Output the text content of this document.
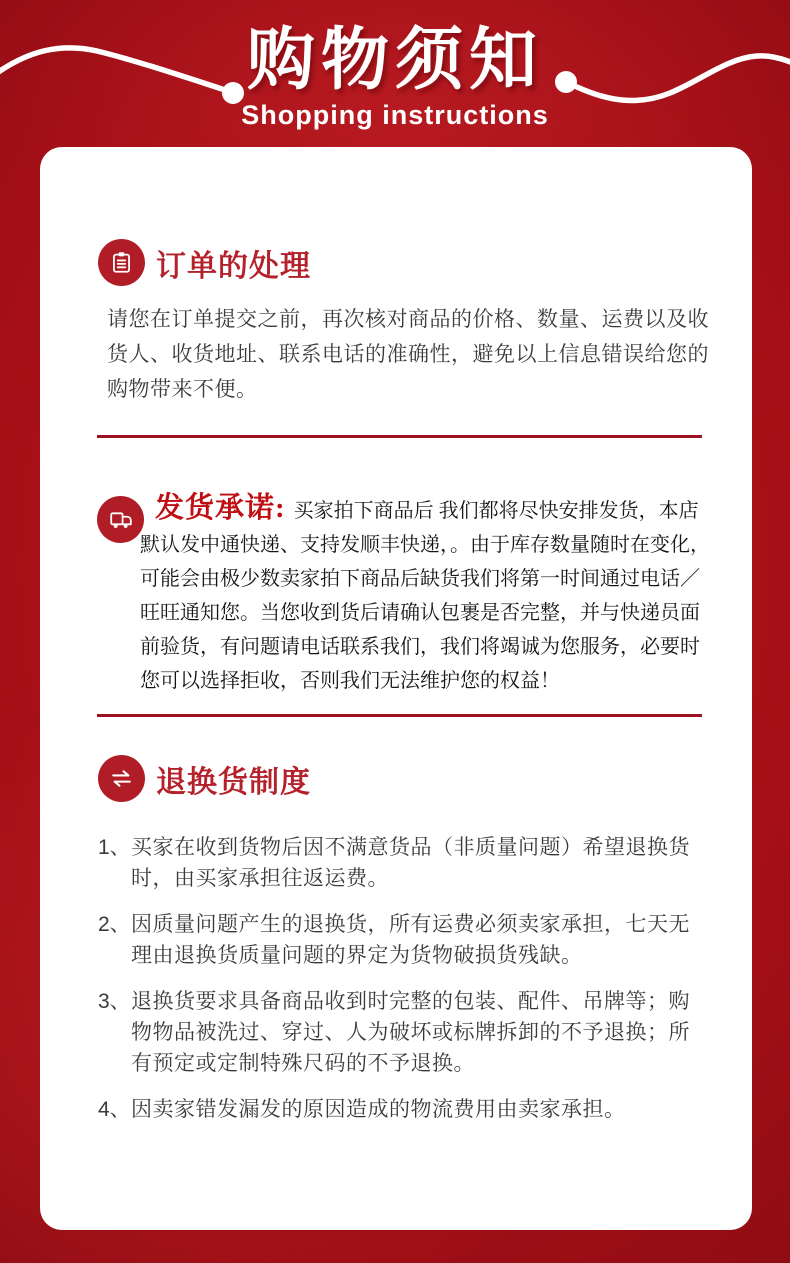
购物须知
Shopping instructions
订单的处理

请您在订单提交之前，再次核对商品的价格、数量、运费以及收货人、收货地址、联系电话的准确性，避免以上信息错误给您的购物带来不便。

发货承诺: 买家拍下商品后 我们都将尽快安排发货，本店默认发中通快递、支持发顺丰快递，。由于库存数量随时在变化，可能会由极少数卖家拍下商品后缺货我们将第一时间通过电话／旺旺通知您。当您收到货后请确认包裹是否完整，并与快递员面前验货，有问题请电话联系我们，我们将竭诚为您服务，必要时您可以选择拒收，否则我们无法维护您的权益！

退换货制度
1、 买家在收到货物后因不满意货品（非质量问题）希望退换货时，由买家承担往返运费。
2、 因质量问题产生的退换货，所有运费必须卖家承担，七天无理由退换货质量问题的界定为货物破损货残缺。
3、 退换货要求具备商品收到时完整的包装、配件、吊牌等；购物物品被洗过、穿过、人为破坏或标牌拆卸的不予退换；所有预定或定制特殊尺码的不予退换。
4、 因卖家错发漏发的原因造成的物流费用由卖家承担。
